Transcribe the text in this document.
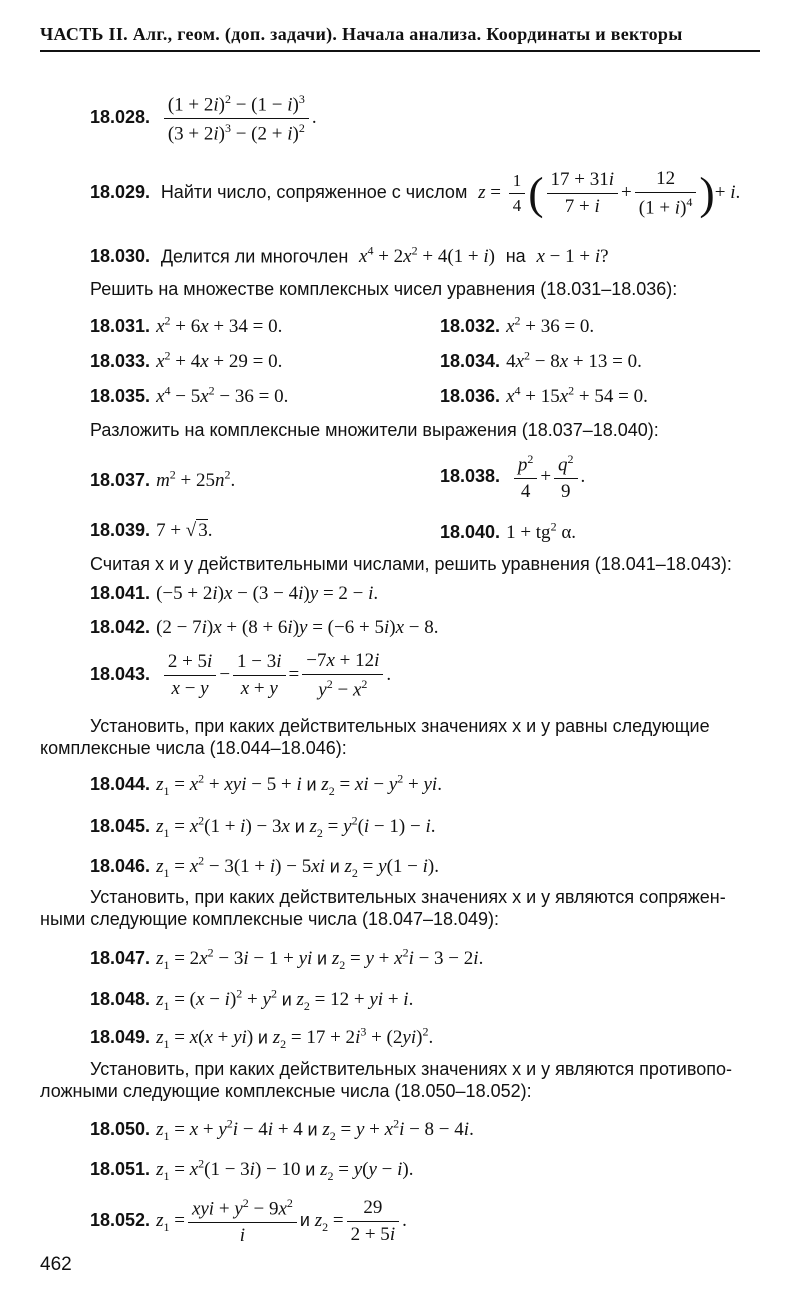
ЧАСТЬ II. Алг., геом. (доп. задачи). Начала анализа. Координаты и векторы
18.028. $\frac{(1 + 2i)^2 - (1 - i)^3}{(3 + 2i)^3 - (2 + i)^2}$ .
18.029. Найти число, сопряженное с числом $z = \frac{1}{4}$ ( $\frac{17 + 31i}{7 + i} + \frac{12}{(1 + i)^4}$ )+ i.
18.030. Делится ли многочлен $x^4 + 2x^2 + 4(1 + i)$ на x − 1 + i?
Решить на множестве комплексных чисел уравнения (18.031–18.036):
18.031. $x^2 + 6x + 34 = 0$.	18.032. $x^2 + 36 = 0$.
18.033. $x^2 + 4x + 29 = 0$.	18.034. $4x^2 - 8x + 13 = 0$.
18.035. $x^4 - 5x^2 - 36 = 0$.	18.036. $x^4 + 15x^2 + 54 = 0$.
Разложить на комплексные множители выражения (18.037–18.040):
18.037. $m^2 + 25n^2$.	18.038. $\frac{p^2}{4} + \frac{q^2}{9}$ .
18.039. 7 + √ 3.	18.040. $1 + tg^2$ α.
Считая x и y действительными числами, решить уравнения (18.041–18.043):
18.041. (−5 + 2i)x − (3 − 4i)y = 2 − i.
18.042. (2 − 7i)x + (8 + 6i)y = (−6 + 5i)x − 8.
18.043. $\frac{2 + 5i}{x - y} - \frac{1 - 3i}{x + y} = \frac{-7x + 12i}{y^2 - x^2}$ .
Установить, при каких действительных значениях x и y равны следующие
комплексные числа (18.044–18.046):
18.044. $z_1 = x^2$ + xyi − 5 + i и $z_2$ = xi − $y^2$ + yi.
18.045. $z_1 = x^2(1 + i) - 3x$ и $z_2 = y^2(i - 1) - i$.
18.046. $z_1 = x^2 - 3(1 + i) - 5xi$ и $z_2 = y(1 - i)$.
Установить, при каких действительных значениях x и y являются сопряжен-
ными следующие комплексные числа (18.047–18.049):
18.047. $z_1 = 2x^2 - 3i - 1$ + yi и $z_2 = y + x^2i - 3 - 2i$.
18.048. $z_1 = (x - i)^2 + y^2$ и $z_2 = 12$ + yi + i.
18.049. $z_1 = x(x + yi)$ и $z_2 = 17 + 2i^3 + (2yi)^2$.
Установить, при каких действительных значениях x и y являются противопо-
ложными следующие комплексные числа (18.050–18.052):
18.050. $z_1 = x + y^2i - 4i + 4$ и $z_2 = y + x^2i - 8 - 4i$.
18.051. $z_1 = x^2(1 - 3i) - 10$ и $z_2 = y(y - i)$.
18.052. $z_1 = \frac{xyi + y^2 - 9x^2}{i}$ и $z_2 = \frac{29}{2 + 5i}$ .
462
